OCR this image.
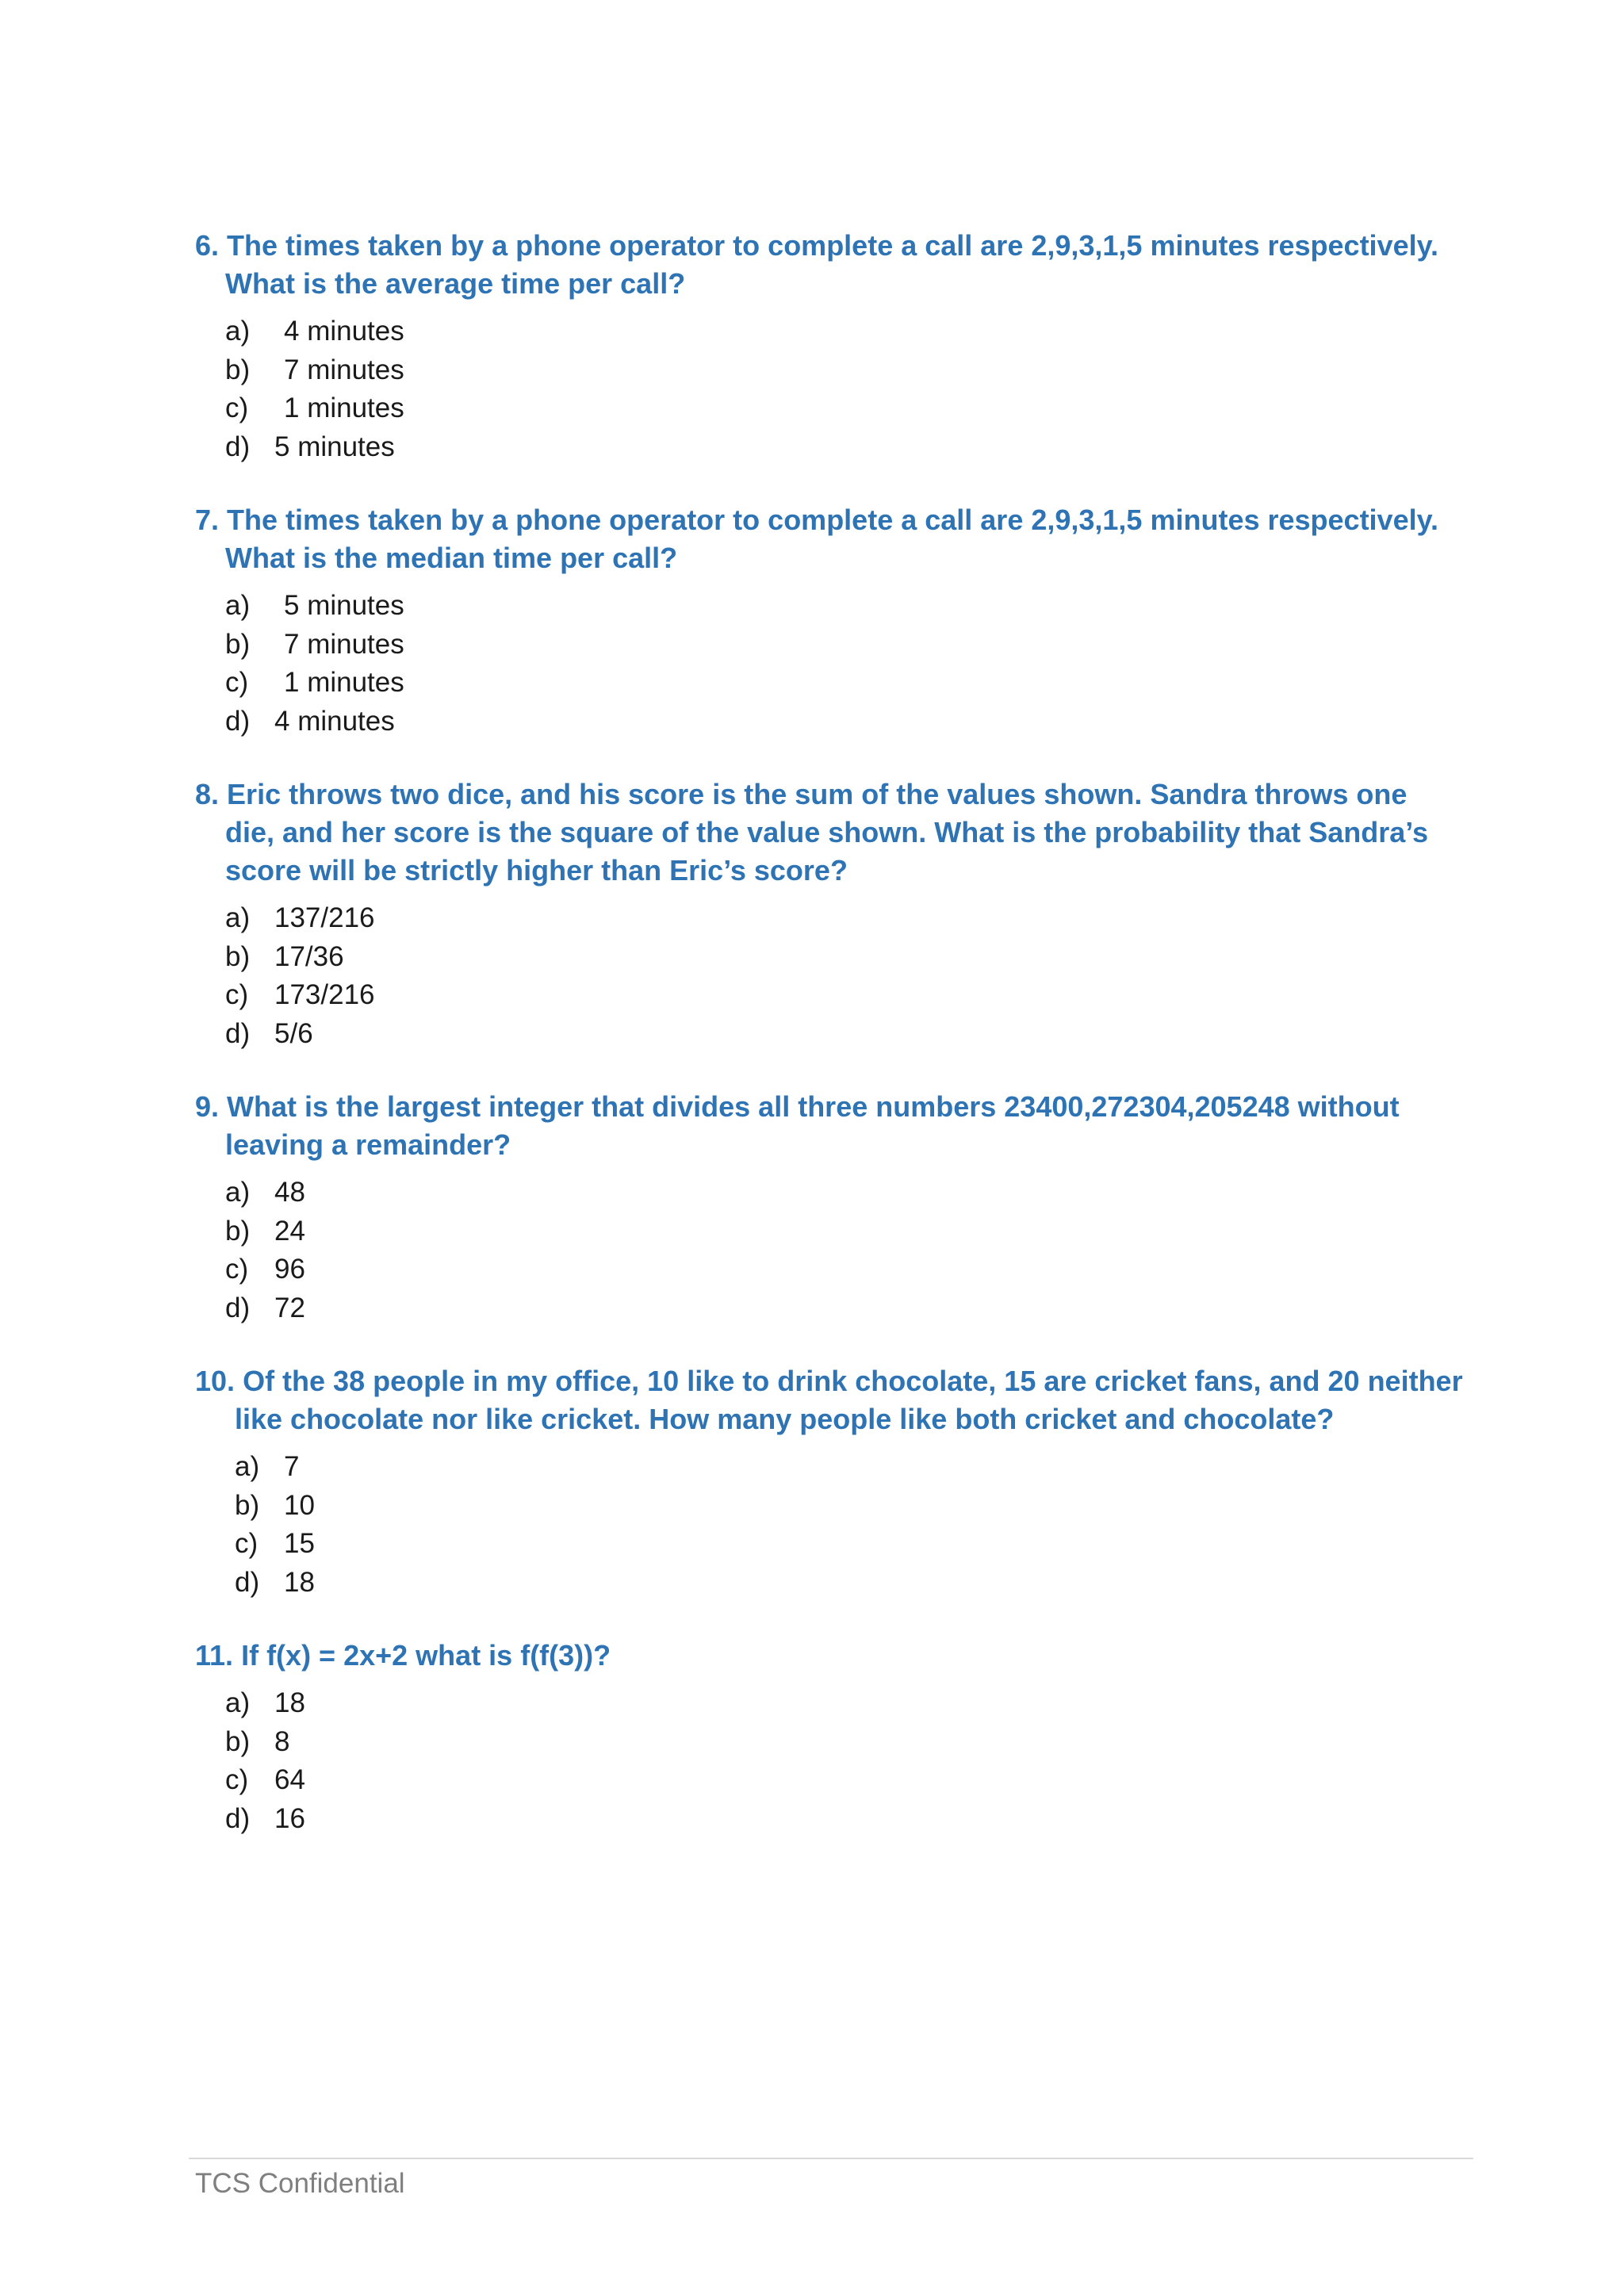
6. The times taken by a phone operator to complete a call are 2,9,3,1,5 minutes respectively. What is the average time per call?

a)	4 minutes
b)	7 minutes
c)	1 minutes
d) 5 minutes

7. The times taken by a phone operator to complete a call are 2,9,3,1,5 minutes respectively. What is the median time per call?

a)	5 minutes
b)	7 minutes
c)	1 minutes
d) 4 minutes

8. Eric throws two dice, and his score is the sum of the values shown. Sandra throws one die, and her score is the square of the value shown. What is the probability that Sandra’s score will be strictly higher than Eric’s score?

a) 137/216
b) 17/36
c) 173/216
d) 5/6

9. What is the largest integer that divides all three numbers 23400,272304,205248 without leaving a remainder?

a) 48
b) 24
c) 96
d) 72

10. Of the 38 people in my office, 10 like to drink chocolate, 15 are cricket fans, and 20 neither like chocolate nor like cricket. How many people like both cricket and chocolate?

a) 7
b) 10
c) 15
d) 18

11. If f(x) = 2x+2 what is f(f(3))?

a) 18
b) 8
c) 64
d) 16
TCS Confidential
